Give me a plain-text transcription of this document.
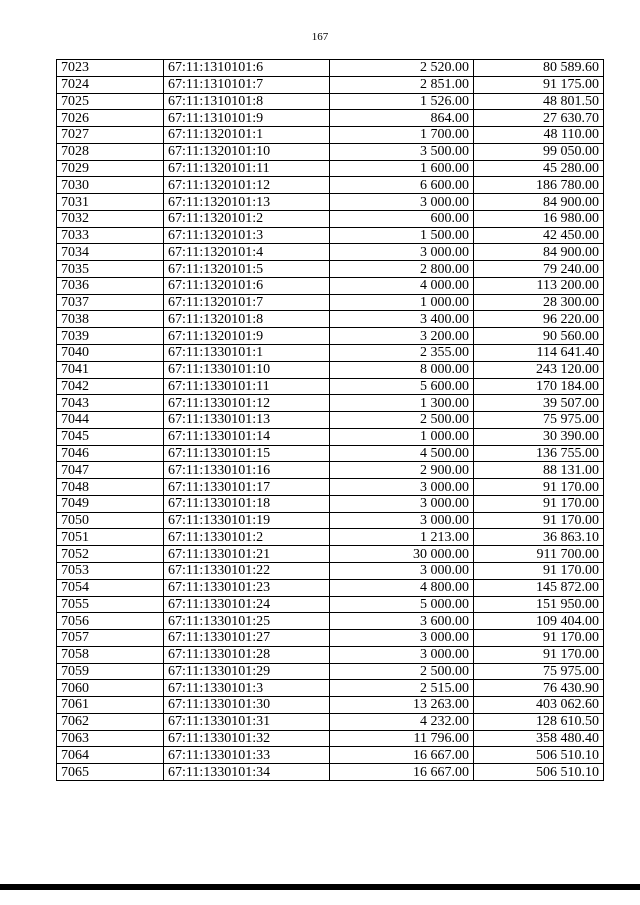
167
7023	67:11:1310101:6	2 520.00	80 589.60
7024	67:11:1310101:7	2 851.00	91 175.00
7025	67:11:1310101:8	1 526.00	48 801.50
7026	67:11:1310101:9	864.00	27 630.70
7027	67:11:1320101:1	1 700.00	48 110.00
7028	67:11:1320101:10	3 500.00	99 050.00
7029	67:11:1320101:11	1 600.00	45 280.00
7030	67:11:1320101:12	6 600.00	186 780.00
7031	67:11:1320101:13	3 000.00	84 900.00
7032	67:11:1320101:2	600.00	16 980.00
7033	67:11:1320101:3	1 500.00	42 450.00
7034	67:11:1320101:4	3 000.00	84 900.00
7035	67:11:1320101:5	2 800.00	79 240.00
7036	67:11:1320101:6	4 000.00	113 200.00
7037	67:11:1320101:7	1 000.00	28 300.00
7038	67:11:1320101:8	3 400.00	96 220.00
7039	67:11:1320101:9	3 200.00	90 560.00
7040	67:11:1330101:1	2 355.00	114 641.40
7041	67:11:1330101:10	8 000.00	243 120.00
7042	67:11:1330101:11	5 600.00	170 184.00
7043	67:11:1330101:12	1 300.00	39 507.00
7044	67:11:1330101:13	2 500.00	75 975.00
7045	67:11:1330101:14	1 000.00	30 390.00
7046	67:11:1330101:15	4 500.00	136 755.00
7047	67:11:1330101:16	2 900.00	88 131.00
7048	67:11:1330101:17	3 000.00	91 170.00
7049	67:11:1330101:18	3 000.00	91 170.00
7050	67:11:1330101:19	3 000.00	91 170.00
7051	67:11:1330101:2	1 213.00	36 863.10
7052	67:11:1330101:21	30 000.00	911 700.00
7053	67:11:1330101:22	3 000.00	91 170.00
7054	67:11:1330101:23	4 800.00	145 872.00
7055	67:11:1330101:24	5 000.00	151 950.00
7056	67:11:1330101:25	3 600.00	109 404.00
7057	67:11:1330101:27	3 000.00	91 170.00
7058	67:11:1330101:28	3 000.00	91 170.00
7059	67:11:1330101:29	2 500.00	75 975.00
7060	67:11:1330101:3	2 515.00	76 430.90
7061	67:11:1330101:30	13 263.00	403 062.60
7062	67:11:1330101:31	4 232.00	128 610.50
7063	67:11:1330101:32	11 796.00	358 480.40
7064	67:11:1330101:33	16 667.00	506 510.10
7065	67:11:1330101:34	16 667.00	506 510.10
